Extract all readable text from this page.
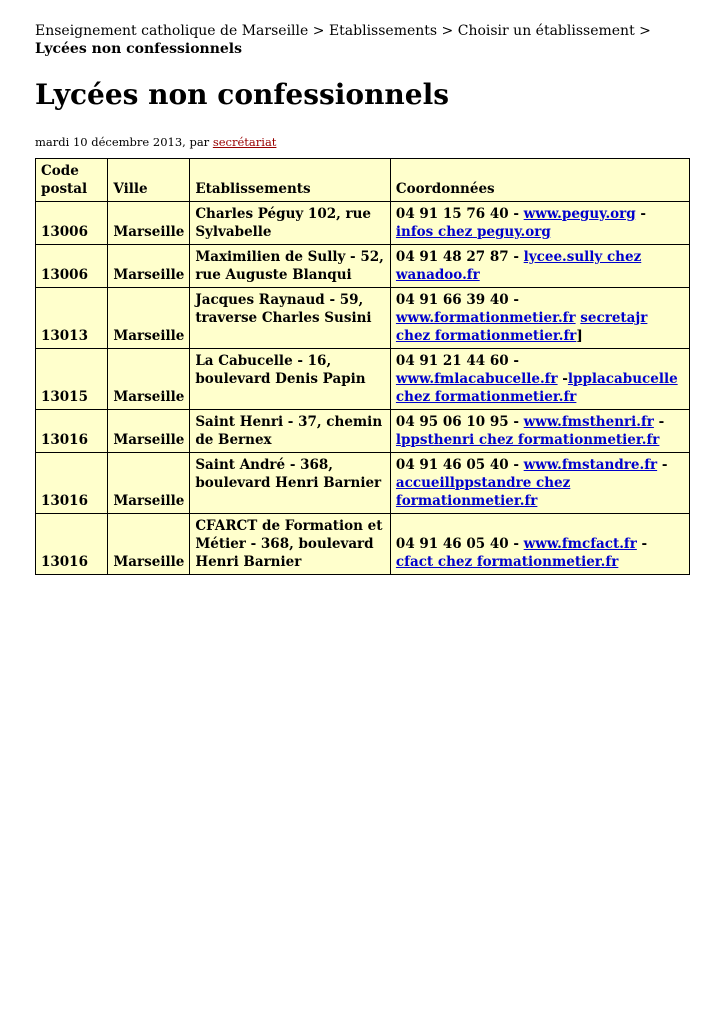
Enseignement catholique de Marseille > Etablissements > Choisir un établissement > Lycées non confessionnels
Lycées non confessionnels
mardi 10 décembre 2013, par secrétariat
Code postal	Ville	Etablissements	Coordonnées
13006	Marseille	Charles Péguy 102, rue Sylvabelle	04 91 15 76 40 - www.peguy.org - infos chez peguy.org
13006	Marseille	Maximilien de Sully - 52, rue Auguste Blanqui	04 91 48 27 87 - lycee.sully chez wanadoo.fr
13013	Marseille	Jacques Raynaud - 59, traverse Charles Susini	04 91 66 39 40 - www.formationmetier.fr secretajr chez formationmetier.fr]
13015	Marseille	La Cabucelle - 16, boulevard Denis Papin	04 91 21 44 60 - www.fmlacabucelle.fr -lpplacabucelle chez formationmetier.fr
13016	Marseille	Saint Henri - 37, chemin de Bernex	04 95 06 10 95 - www.fmsthenri.fr - lppsthenri chez formationmetier.fr
13016	Marseille	Saint André - 368, boulevard Henri Barnier	04 91 46 05 40 - www.fmstandre.fr - accueillppstandre chez formationmetier.fr
13016	Marseille	CFARCT de Formation et Métier - 368, boulevard Henri Barnier	04 91 46 05 40 - www.fmcfact.fr - cfact chez formationmetier.fr
